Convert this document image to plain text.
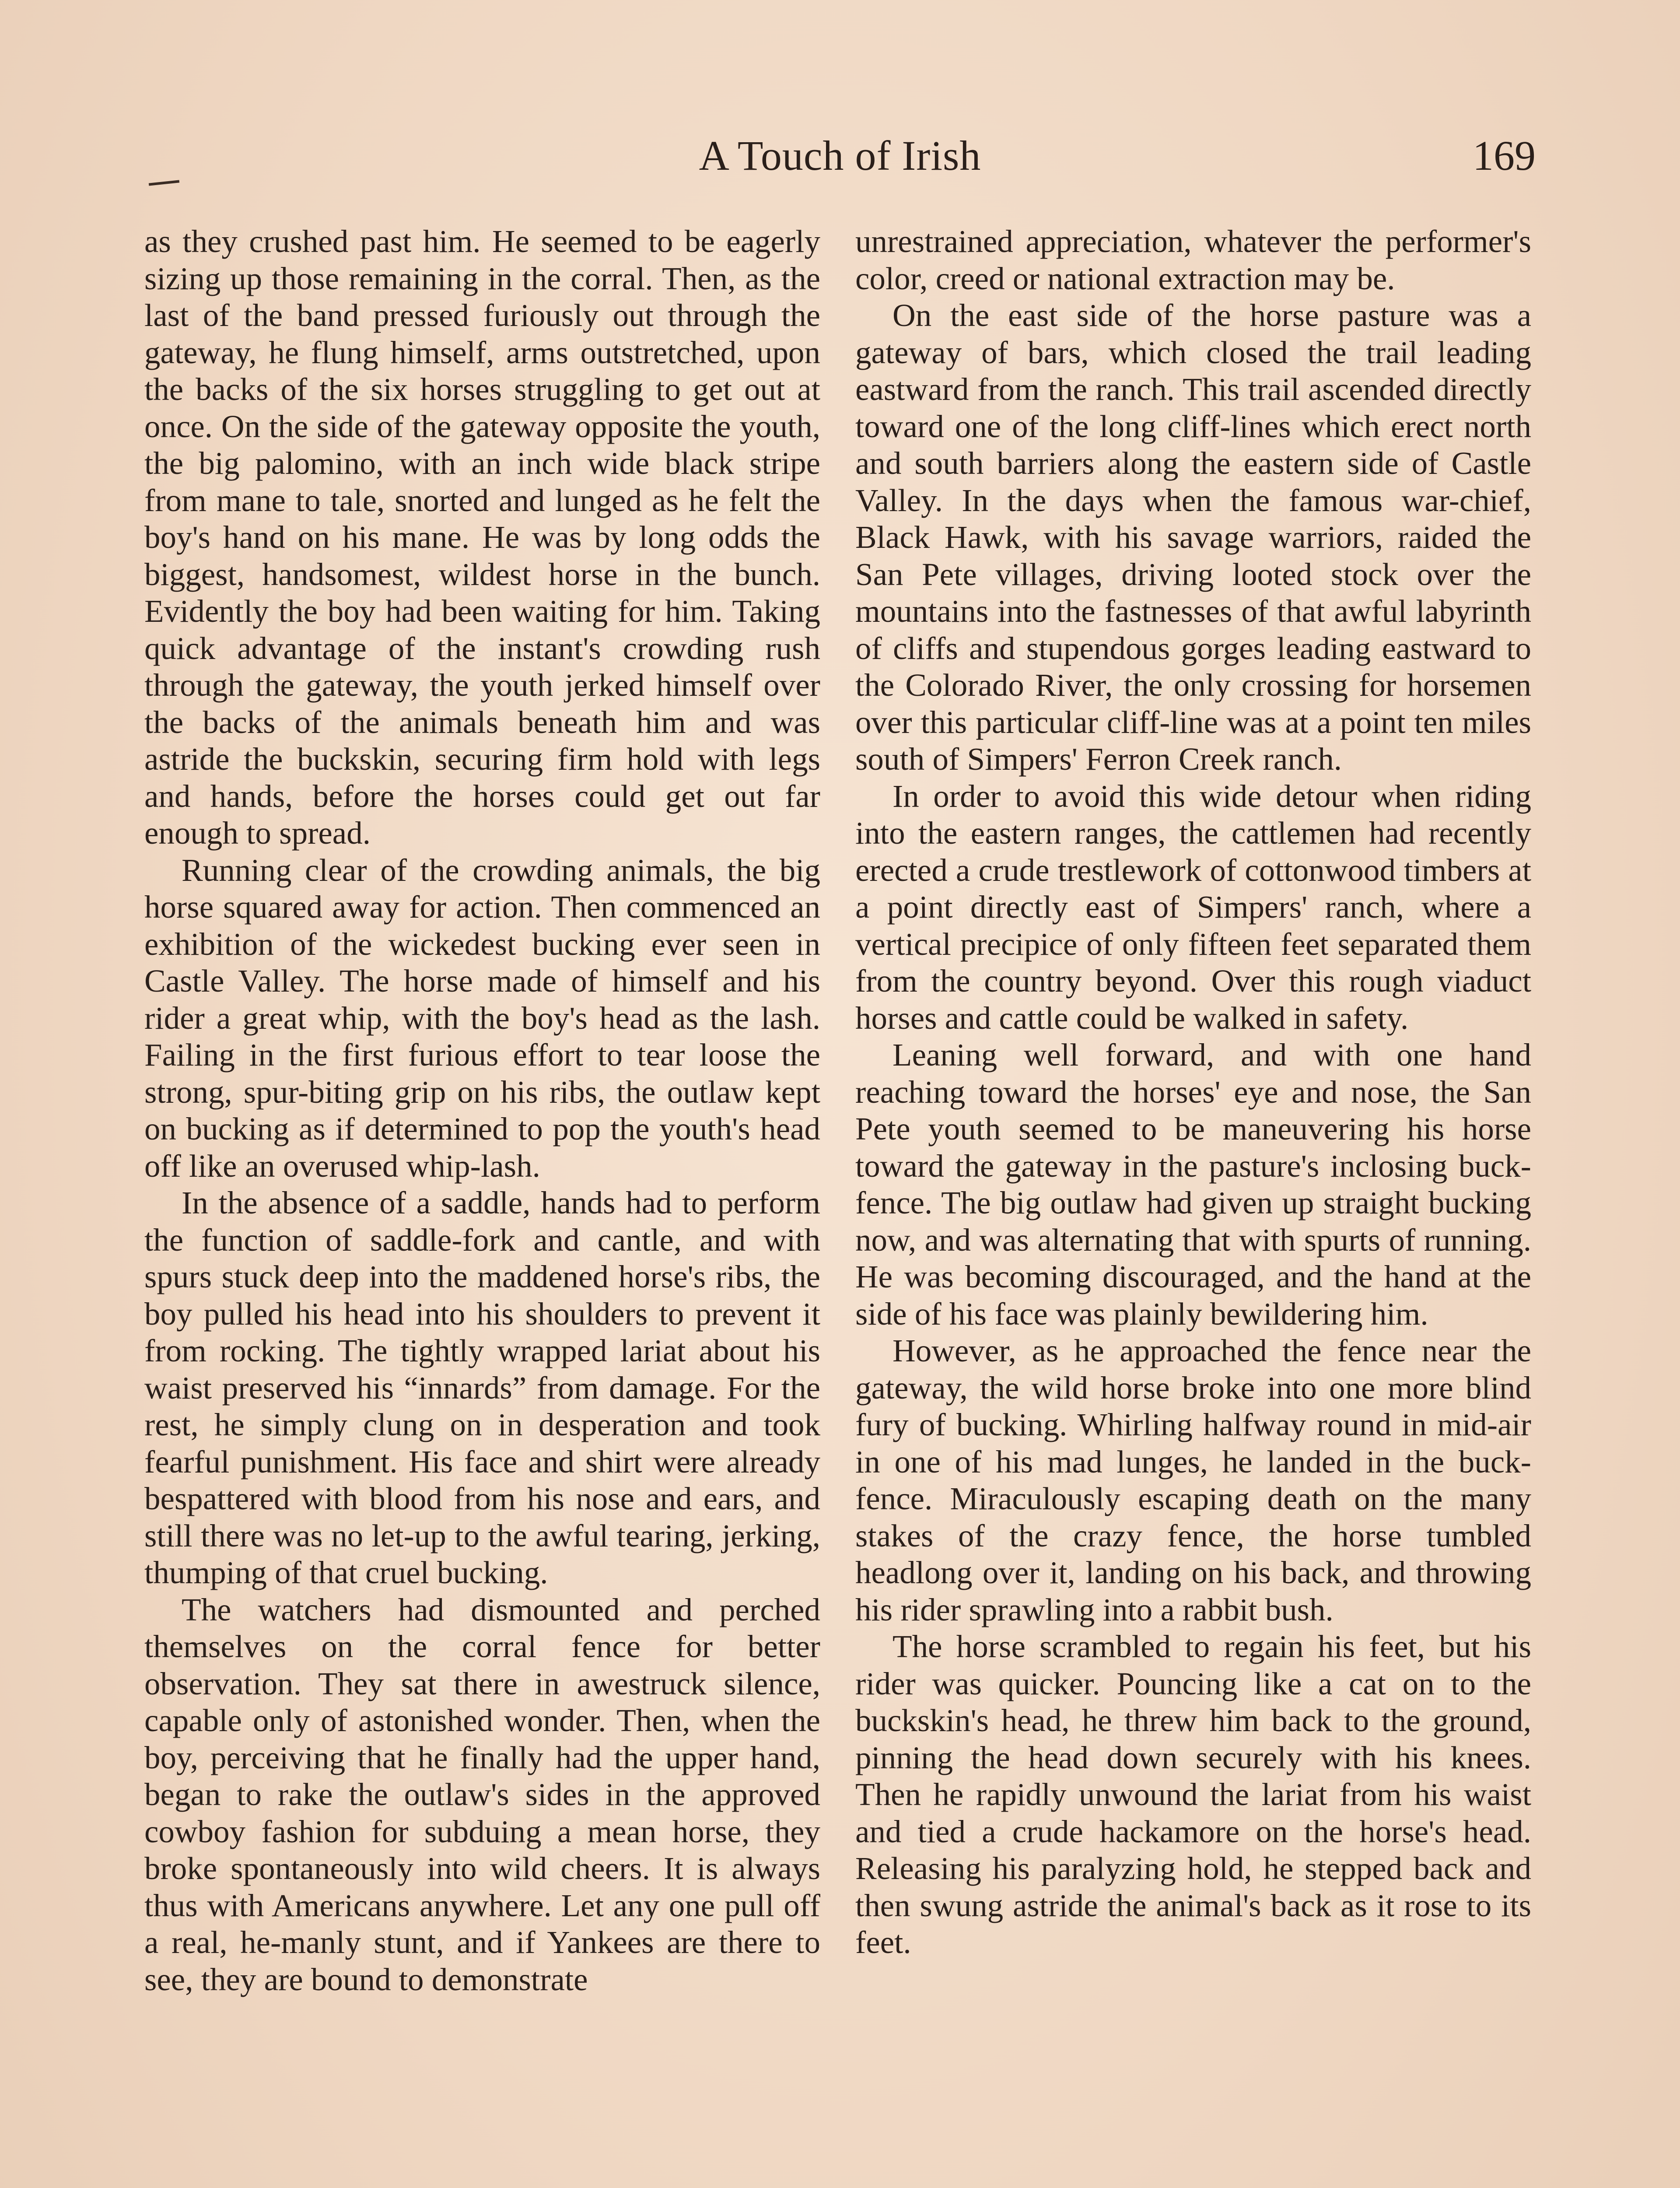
A Touch of Irish	169

as they crushed past him. He seemed to be eagerly sizing up those remaining in the corral. Then, as the last of the band pressed furiously out through the gateway, he flung himself, arms outstretched, upon the backs of the six horses struggling to get out at once. On the side of the gateway opposite the youth, the big palomino, with an inch wide black stripe from mane to tale, snorted and lunged as he felt the boy's hand on his mane. He was by long odds the biggest, handsomest, wildest horse in the bunch. Evidently the boy had been waiting for him. Taking quick advantage of the instant's crowding rush through the gateway, the youth jerked himself over the backs of the animals beneath him and was astride the buckskin, securing firm hold with legs and hands, before the horses could get out far enough to spread.

Running clear of the crowding animals, the big horse squared away for action. Then commenced an exhibition of the wickedest bucking ever seen in Castle Valley. The horse made of himself and his rider a great whip, with the boy's head as the lash. Failing in the first furious effort to tear loose the strong, spur-biting grip on his ribs, the outlaw kept on bucking as if determined to pop the youth's head off like an overused whip-lash.

In the absence of a saddle, hands had to perform the function of saddle-fork and cantle, and with spurs stuck deep into the maddened horse's ribs, the boy pulled his head into his shoulders to prevent it from rocking. The tightly wrapped lariat about his waist preserved his “innards” from damage. For the rest, he simply clung on in desperation and took fearful punishment. His face and shirt were already bespattered with blood from his nose and ears, and still there was no let-up to the awful tearing, jerking, thumping of that cruel bucking.

The watchers had dismounted and perched themselves on the corral fence for better observation. They sat there in awestruck silence, capable only of astonished wonder. Then, when the boy, perceiving that he finally had the upper hand, began to rake the outlaw's sides in the approved cowboy fashion for subduing a mean horse, they broke spontaneously into wild cheers. It is always thus with Americans anywhere. Let any one pull off a real, he-manly stunt, and if Yankees are there to see, they are bound to demonstrate

unrestrained appreciation, whatever the performer's color, creed or national extraction may be.

On the east side of the horse pasture was a gateway of bars, which closed the trail leading eastward from the ranch. This trail ascended directly toward one of the long cliff-lines which erect north and south barriers along the eastern side of Castle Valley. In the days when the famous war-chief, Black Hawk, with his savage warriors, raided the San Pete villages, driving looted stock over the mountains into the fastnesses of that awful labyrinth of cliffs and stupendous gorges leading eastward to the Colorado River, the only crossing for horsemen over this particular cliff-line was at a point ten miles south of Simpers' Ferron Creek ranch.

In order to avoid this wide detour when riding into the eastern ranges, the cattlemen had recently erected a crude trestlework of cottonwood timbers at a point directly east of Simpers' ranch, where a vertical precipice of only fifteen feet separated them from the country beyond. Over this rough viaduct horses and cattle could be walked in safety.

Leaning well forward, and with one hand reaching toward the horses' eye and nose, the San Pete youth seemed to be maneuvering his horse toward the gateway in the pasture's inclosing buck-fence. The big outlaw had given up straight bucking now, and was alternating that with spurts of running. He was becoming discouraged, and the hand at the side of his face was plainly bewildering him.

However, as he approached the fence near the gateway, the wild horse broke into one more blind fury of bucking. Whirling halfway round in mid-air in one of his mad lunges, he landed in the buck-fence. Miraculously escaping death on the many stakes of the crazy fence, the horse tumbled headlong over it, landing on his back, and throwing his rider sprawling into a rabbit bush.

The horse scrambled to regain his feet, but his rider was quicker. Pouncing like a cat on to the buckskin's head, he threw him back to the ground, pinning the head down securely with his knees. Then he rapidly unwound the lariat from his waist and tied a crude hackamore on the horse's head. Releasing his paralyzing hold, he stepped back and then swung astride the animal's back as it rose to its feet.
